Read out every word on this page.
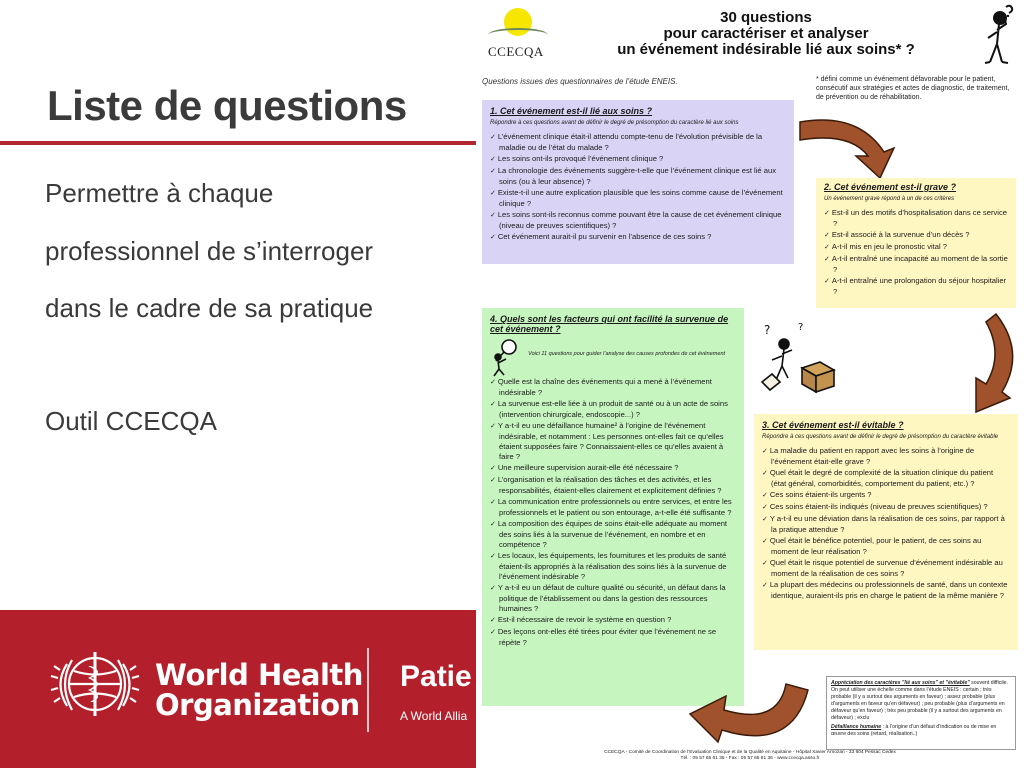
Liste de questions
Permettre à chaque
professionnel de s’interroger
dans le cadre de sa pratique
Outil CCECQA
World Health
Organization
Patie
A World Allia
CCECQA
30 questions
pour caractériser et analyser
un événement indésirable lié aux soins* ?
Questions issues des questionnaires de l’étude ENEIS.	* défini comme un événement défavorable pour le patient, consécutif aux stratégies et actes de diagnostic, de traitement, de prévention ou de réhabilitation.
1. Cet événement est-il lié aux soins ?
Répondre à ces questions avant de définir le degré de présomption du caractère lié aux soins
✓ L’événement clinique était-il attendu compte-tenu de l’évolution prévisible de la maladie ou de l’état du malade ?
✓ Les soins ont-ils provoqué l’événement clinique ?
✓ La chronologie des événements suggère-t-elle que l’événement clinique est lié aux soins (ou à leur absence) ?
✓ Existe-t-il une autre explication plausible que les soins comme cause de l’événement clinique ?
✓ Les soins sont-ils reconnus comme pouvant être la cause de cet événement clinique (niveau de preuves scientifiques) ?
✓ Cet événement aurait-il pu survenir en l’absence de ces soins ?
2. Cet événement est-il grave ?
Un événement grave répond à un de ces critères
✓ Est-il un des motifs d’hospitalisation dans ce service ?
✓ Est-il associé à la survenue d’un décès ?
✓ A-t-il mis en jeu le pronostic vital ?
✓ A-t-il entraîné une incapacité au moment de la sortie ?
✓ A-t-il entraîné une prolongation du séjour hospitalier ?
?	?
3. Cet événement est-il évitable ?
Répondre à ces questions avant de définir le degré de présomption du caractère évitable
✓ La maladie du patient en rapport avec les soins à l’origine de l’événement était-elle grave ?
✓ Quel était le degré de complexité de la situation clinique du patient (état général, comorbidités, comportement du patient, etc.) ?
✓ Ces soins étaient-ils urgents ?
✓ Ces soins étaient-ils indiqués (niveau de preuves scientifiques) ?
✓ Y a-t-il eu une déviation dans la réalisation de ces soins, par rapport à la pratique attendue ?
✓ Quel était le bénéfice potentiel, pour le patient, de ces soins au moment de leur réalisation ?
✓ Quel était le risque potentiel de survenue d’événement indésirable au moment de la réalisation de ces soins ?
✓ La plupart des médecins ou professionnels de santé, dans un contexte identique, auraient-ils pris en charge le patient de la même manière ?
4. Quels sont les facteurs qui ont facilité la survenue de cet événement ?
Voici 11 questions pour guider l’analyse des causes profondes de cet événement
✓ Quelle est la chaîne des événements qui a mené à l’événement indésirable ?
✓ La survenue est-elle liée à un produit de santé ou à un acte de soins (intervention chirurgicale, endoscopie...) ?
✓ Y a-t-il eu une défaillance humaine² à l’origine de l’événement indésirable, et notamment : Les personnes ont-elles fait ce qu’elles étaient supposées faire ? Connaissaient-elles ce qu’elles avaient à faire ?
✓ Une meilleure supervision aurait-elle été nécessaire ?
✓ L’organisation et la réalisation des tâches et des activités, et les responsabilités, étaient-elles clairement et explicitement définies ?
✓ La communication entre professionnels ou entre services, et entre les professionnels et le patient ou son entourage, a-t-elle été suffisante ?
✓ La composition des équipes de soins était-elle adéquate au moment des soins liés à la survenue de l’événement, en nombre et en compétence ?
✓ Les locaux, les équipements, les fournitures et les produits de santé étaient-ils appropriés à la réalisation des soins liés à la survenue de l’événement indésirable ?
✓ Y a-t-il eu un défaut de culture qualité ou sécurité, un défaut dans la politique de l’établissement ou dans la gestion des ressources humaines ?
✓ Est-il nécessaire de revoir le système en question ?
✓ Des leçons ont-elles été tirées pour éviter que l’événement ne se répète ?
Appréciation des caractères "lié aux soins" et "évitable" souvent difficile. On peut utiliser une échelle comme dans l’étude ENEIS : certain ; très probable (il y a surtout des arguments en faveur) ; assez probable (plus d’arguments en faveur qu’en défaveur) ; peu probable (plus d’arguments en défaveur qu’en faveur) ; très peu probable (il y a surtout des arguments en défaveur) ; exclu
Défaillance humaine : à l’origine d’un défaut d’indication ou de mise en œuvre des soins (retard, réalisation..)
CCECQA - Comité de Coordination de l’Evaluation Clinique et de la Qualité en Aquitaine - Hôpital Xavier Arnozan - 33 604 Pessac Cedex
Tél. : 05 57 65 61 35 - Fax : 05 57 65 61 36 - www.ccecqa.asso.fr
